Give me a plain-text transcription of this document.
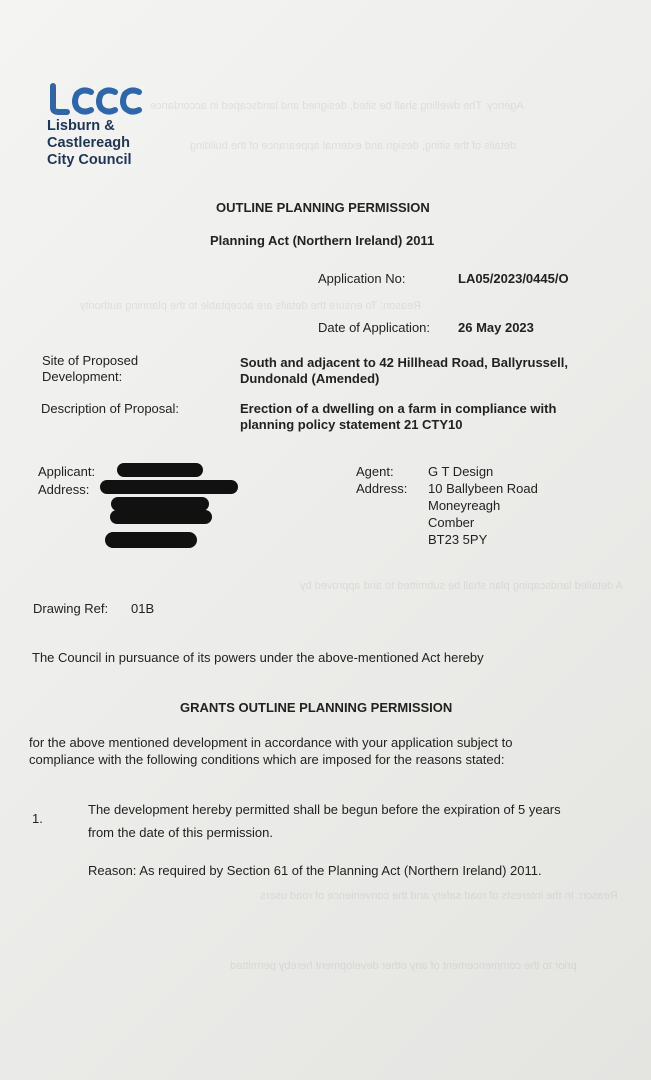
Agency. The dwelling shall be sited, designed and landscaped in accordance
details of the siting, design and external appearance of the building
Reason: To ensure the details are acceptable to the planning authority
A detailed landscaping plan shall be submitted to and approved by
Reason: In the interests of road safety and the convenience of road users
prior to the commencement of any other development hereby permitted
Lisburn &
Castlereagh
City Council
OUTLINE PLANNING PERMISSION
Planning Act (Northern Ireland) 2011
Application No:	LA05/2023/0445/O
Date of Application: 26 May 2023
Site of Proposed
Development:
South and adjacent to 42 Hillhead Road, Ballyrussell,
Dundonald (Amended)
Description of Proposal:	Erection of a dwelling on a farm in compliance with
planning policy statement 21 CTY10
Applicant:
Address:
Agent:
Address:
G T Design
10 Ballybeen Road
Moneyreagh
Comber
BT23 5PY
Drawing Ref: 01B
The Council in pursuance of its powers under the above-mentioned Act hereby
GRANTS OUTLINE PLANNING PERMISSION
for the above mentioned development in accordance with your application subject to
compliance with the following conditions which are imposed for the reasons stated:
1.
The development hereby permitted shall be begun before the expiration of 5 years
from the date of this permission.
Reason: As required by Section 61 of the Planning Act (Northern Ireland) 2011.
